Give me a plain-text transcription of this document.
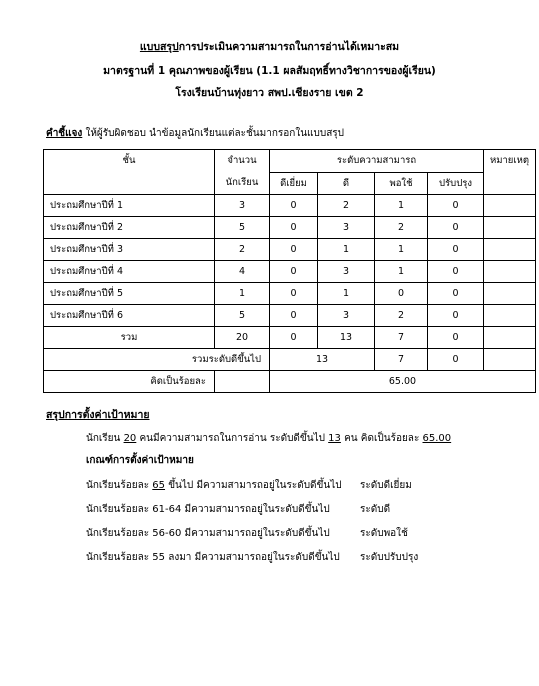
แบบสรุปการประเมินความสามารถในการอ่านได้เหมาะสม
มาตรฐานที่ 1 คุณภาพของผู้เรียน (1.1 ผลสัมฤทธิ์ทางวิชาการของผู้เรียน)
โรงเรียนบ้านทุ่งยาว สพป.เชียงราย เขต 2
คำชี้แจง ให้ผู้รับผิดชอบ นำข้อมูลนักเรียนแต่ละชั้นมากรอกในแบบสรุป
ชั้น	จำนวน
นักเรียน	ระดับความสามารถ				หมายเหตุ
		ดีเยี่ยม	ดี	พอใช้	ปรับปรุง	
ประถมศึกษาปีที่ 1	3	0	2	1	0	
ประถมศึกษาปีที่ 2	5	0	3	2	0	
ประถมศึกษาปีที่ 3	2	0	1	1	0	
ประถมศึกษาปีที่ 4	4	0	3	1	0	
ประถมศึกษาปีที่ 5	1	0	1	0	0	
ประถมศึกษาปีที่ 6	5	0	3	2	0	
รวม	20	0	13	7	0	
รวมระดับดีขึ้นไป		13		7	0	
คิดเป็นร้อยละ		65.00				
สรุปการตั้งค่าเป้าหมาย
นักเรียน 20 คนมีความสามารถในการอ่าน ระดับดีขึ้นไป 13 คน คิดเป็นร้อยละ 65.00
เกณฑ์การตั้งค่าเป้าหมาย
นักเรียนร้อยละ 65 ขึ้นไป มีความสามารถอยู่ในระดับดีขึ้นไป ระดับดีเยี่ยม
นักเรียนร้อยละ 61-64 มีความสามารถอยู่ในระดับดีขึ้นไป	ระดับดี
นักเรียนร้อยละ 56-60 มีความสามารถอยู่ในระดับดีขึ้นไป	ระดับพอใช้
นักเรียนร้อยละ 55 ลงมา มีความสามารถอยู่ในระดับดีขึ้นไป ระดับปรับปรุง
